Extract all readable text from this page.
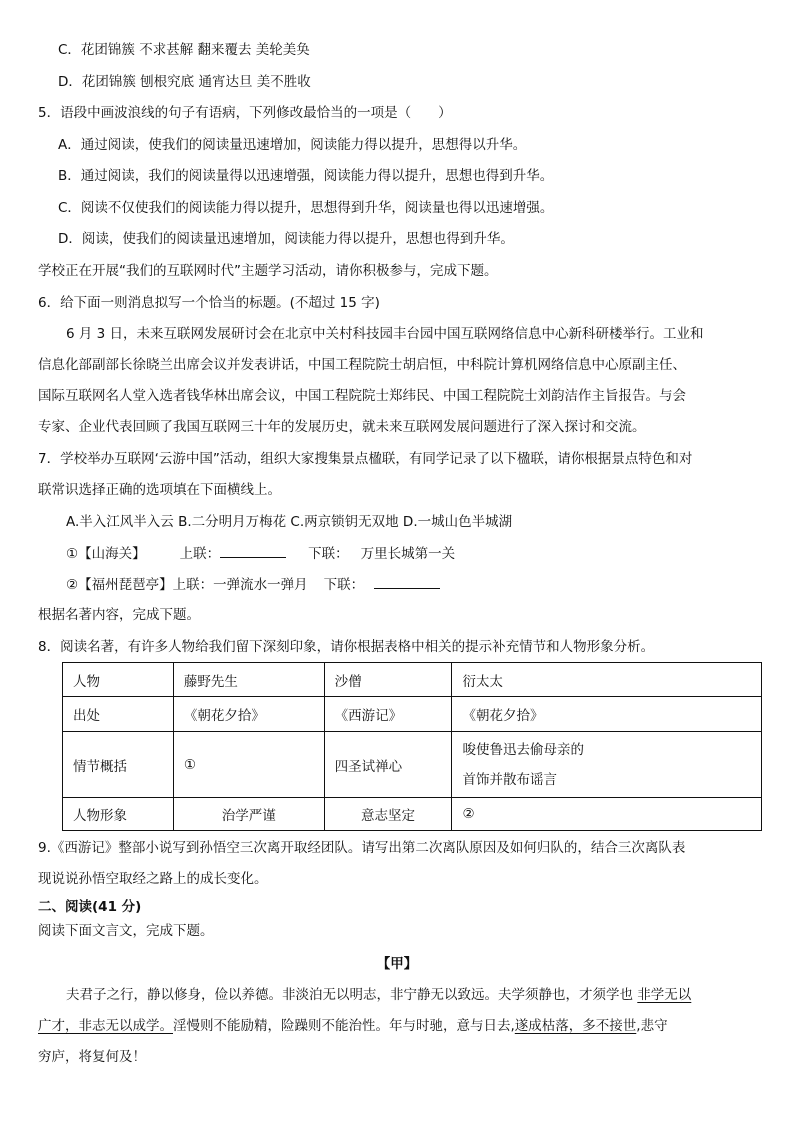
C．花团锦簇 不求甚解 翻来覆去 美轮美奂
D．花团锦簇 刨根究底 通宵达旦 美不胜收
5．语段中画波浪线的句子有语病，下列修改最恰当的一项是（　　）
A．通过阅读，使我们的阅读量迅速增加，阅读能力得以提升，思想得以升华。
B．通过阅读，我们的阅读量得以迅速增强，阅读能力得以提升，思想也得到升华。
C．阅读不仅使我们的阅读能力得以提升，思想得到升华，阅读量也得以迅速增强。
D．阅读，使我们的阅读量迅速增加，阅读能力得以提升，思想也得到升华。
学校正在开展“我们的互联网时代”主题学习活动，请你积极参与，完成下题。
6．给下面一则消息拟写一个恰当的标题。(不超过 15 字)
6 月 3 日，未来互联网发展研讨会在北京中关村科技园丰台园中国互联网络信息中心新科研楼举行。工业和
信息化部副部长徐晓兰出席会议并发表讲话，中国工程院院士胡启恒，中科院计算机网络信息中心原副主任、
国际互联网名人堂入选者钱华林出席会议，中国工程院院士郑纬民、中国工程院院士刘韵洁作主旨报告。与会
专家、企业代表回顾了我国互联网三十年的发展历史，就未来互联网发展问题进行了深入探讨和交流。
7．学校举办互联网‘云游中国”活动，组织大家搜集景点楹联，有同学记录了以下楹联，请你根据景点特色和对
联常识选择正确的选项填在下面横线上。
A.半入江风半入云 B.二分明月万梅花 C.两京锁钥无双地 D.一城山色半城湖
①【山海关】	上联：	下联： 万里长城第一关
②【福州琵琶亭】上联：一弹流水一弹月 下联：
根据名著内容，完成下题。
8．阅读名著，有许多人物给我们留下深刻印象，请你根据表格中相关的提示补充情节和人物形象分析。
人物	藤野先生	沙僧	衍太太
出处	《朝花夕拾》	《西游记》	《朝花夕拾》
情节概括	①	四圣试禅心	唆使鲁迅去偷母亲的
首饰并散布谣言

人物形象	治学严谨	意志坚定	②
9.《西游记》整部小说写到孙悟空三次离开取经团队。请写出第二次离队原因及如何归队的，结合三次离队表
现说说孙悟空取经之路上的成长变化。
二、阅读(41 分)
阅读下面文言文，完成下题。
【甲】
夫君子之行，静以修身，俭以养德。非淡泊无以明志，非宁静无以致远。夫学须静也，才须学也 非学无以
广才，非志无以成学。淫慢则不能励精，险躁则不能治性。年与时驰，意与日去,遂成枯落，多不接世,悲守
穷庐，将复何及！
